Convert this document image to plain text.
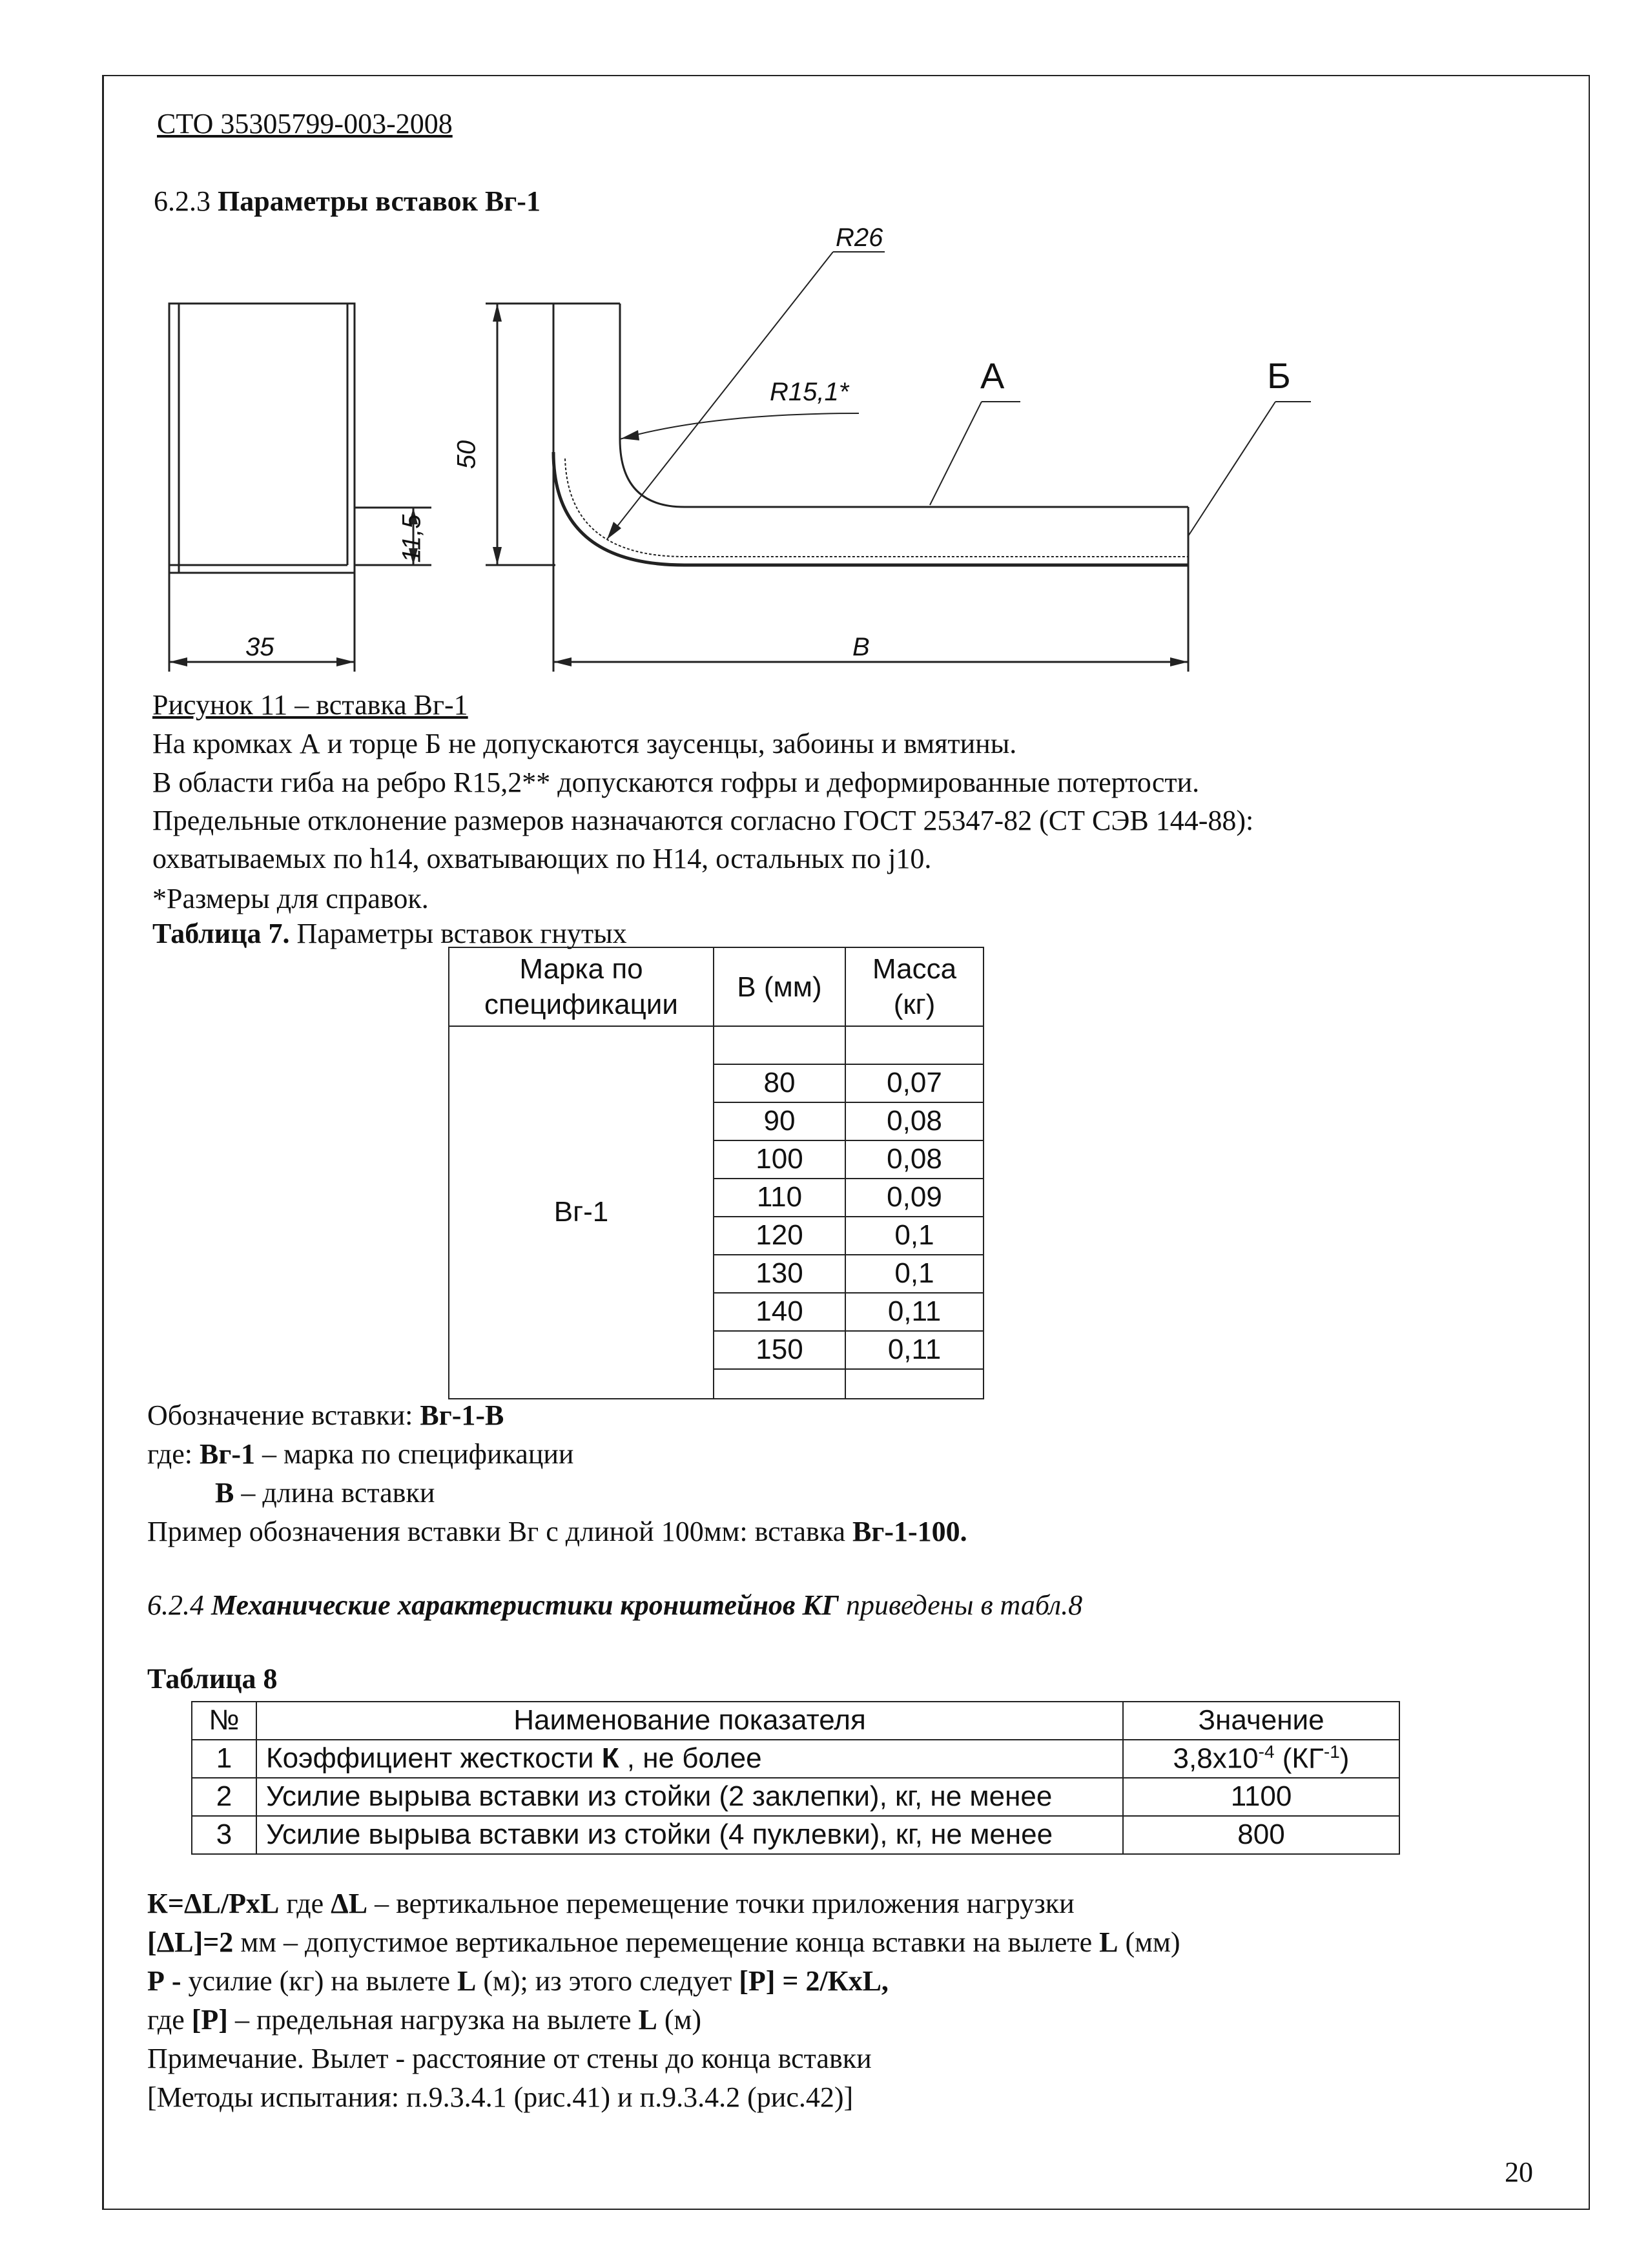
СТО 35305799-003-2008
6.2.3 Параметры вставок Вг-1
R26
R15,1*	А	Б
50
11,5
35	В
Рисунок 11 – вставка Вг-1
На кромках А и торце Б не допускаются заусенцы, забоины и вмятины.
В области гиба на ребро R15,2** допускаются гофры и деформированные потертости.
Предельные отклонение размеров назначаются согласно ГОСТ 25347-82 (СТ СЭВ 144-88):
охватываемых по h14, охватывающих по H14, остальных по j10.
*Размеры для справок.
Таблица 7. Параметры вставок гнутых
Марка по спецификации	В (мм)	Масса (кг)
Вг-1		
	80	0,07
	90	0,08
	100	0,08
	110	0,09
	120	0,1
	130	0,1
	140	0,11
	150	0,11

Обозначение вставки: Вг-1-В
где: Вг-1 – марка по спецификации
В – длина вставки
Пример обозначения вставки Вг с длиной 100мм: вставка Вг-1-100.
6.2.4 Механические характеристики кронштейнов КГ приведены в табл.8
Таблица 8
№	Наименование показателя	Значение
1	Коэффициент жесткости К , не более	$3,8x10^{-4}$ $(КГ^{-1})$
2	Усилие вырыва вставки из стойки (2 заклепки), кг, не менее	1100
3	Усилие вырыва вставки из стойки (4 пуклевки), кг, не менее	800
К=ΔL/PxL где ΔL – вертикальное перемещение точки приложения нагрузки
[ΔL]=2 мм – допустимое вертикальное перемещение конца вставки на вылете L (мм)
Р - усилие (кг) на вылете L (м); из этого следует [Р] = 2/КxL,
где [Р] – предельная нагрузка на вылете L (м)
Примечание. Вылет - расстояние от стены до конца вставки
[Методы испытания: п.9.3.4.1 (рис.41) и п.9.3.4.2 (рис.42)]
20
